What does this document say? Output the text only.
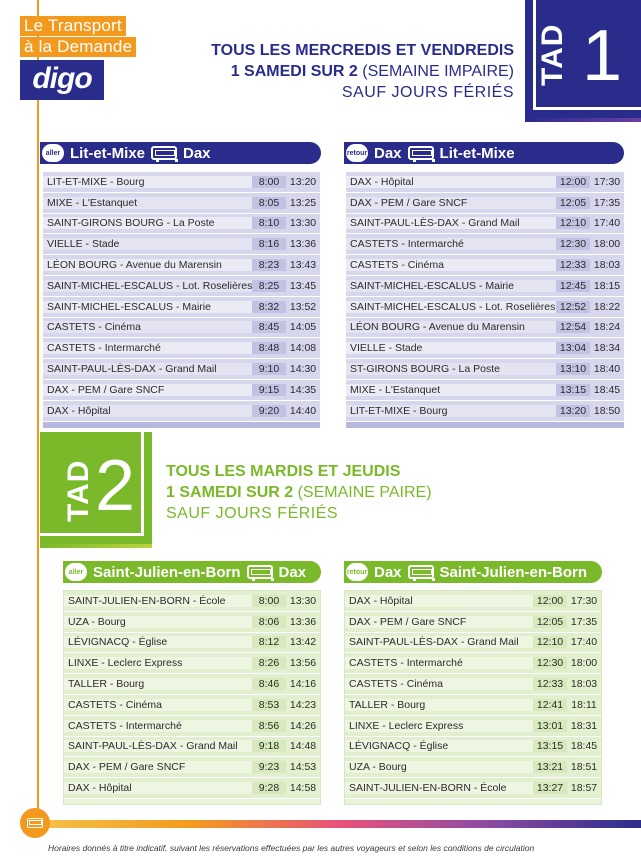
Le Transport
à la Demande
digo	TAD 1
TOUS LES MERCREDIS ET VENDREDIS
1 SAMEDI SUR 2 (SEMAINE IMPAIRE)
SAUF JOURS FÉRIÉS
aller Lit-et-Mixe	Dax	retour Dax	Lit-et-Mixe
LIT-ET-MIXE - Bourg	8:00	13:20
MIXE - L'Estanquet	8:05	13:25
SAINT-GIRONS BOURG - La Poste	8:10	13:30
VIELLE - Stade	8:16	13:36
LÉON BOURG - Avenue du Marensin	8:23	13:43
SAINT-MICHEL-ESCALUS - Lot. Roselières 8:25	13:45
SAINT-MICHEL-ESCALUS - Mairie	8:32	13:52
CASTETS - Cinéma	8:45	14:05
CASTETS - Intermarché	8:48	14:08
SAINT-PAUL-LÈS-DAX - Grand Mail	9:10	14:30
DAX - PEM / Gare SNCF	9:15	14:35
DAX - Hôpital	9:20	14:40
DAX - Hôpital	12:00 17:30
DAX - PEM / Gare SNCF	12:05 17:35
SAINT-PAUL-LÈS-DAX - Grand Mail	12:10 17:40
CASTETS - Intermarché	12:30 18:00
CASTETS - Cinéma	12:33 18:03
SAINT-MICHEL-ESCALUS - Mairie	12:45 18:15
SAINT-MICHEL-ESCALUS - Lot. Roselières 12:52 18:22
LÉON BOURG - Avenue du Marensin	12:54 18:24
VIELLE - Stade	13:04 18:34
ST-GIRONS BOURG - La Poste	13:10 18:40
MIXE - L'Estanquet	13:15 18:45
LIT-ET-MIXE - Bourg	13:20 18:50
TAD 2 TOUS LES MARDIS ET JEUDIS
1 SAMEDI SUR 2 (SEMAINE PAIRE)
SAUF JOURS FÉRIÉS
aller Saint-Julien-en-Born	Dax	retour Dax	Saint-Julien-en-Born
SAINT-JULIEN-EN-BORN - École	8:00	13:30
UZA - Bourg	8:06	13:36
LÉVIGNACQ - Église	8:12	13:42
LINXE - Leclerc Express	8:26	13:56
TALLER - Bourg	8:46	14:16
CASTETS - Cinéma	8:53	14:23
CASTETS - Intermarché	8:56	14:26
SAINT-PAUL-LÈS-DAX - Grand Mail	9:18	14:48
DAX - PEM / Gare SNCF	9:23	14:53
DAX - Hôpital	9:28	14:58
DAX - Hôpital	12:00 17:30
DAX - PEM / Gare SNCF	12:05 17:35
SAINT-PAUL-LÈS-DAX - Grand Mail	12:10 17:40
CASTETS - Intermarché	12:30 18:00
CASTETS - Cinéma	12:33 18:03
TALLER - Bourg	12:41 18:11
LINXE - Leclerc Express	13:01 18:31
LÉVIGNACQ - Église	13:15 18:45
UZA - Bourg	13:21 18:51
SAINT-JULIEN-EN-BORN - École	13:27 18:57
Horaires donnés à titre indicatif, suivant les réservations effectuées par les autres voyageurs et selon les conditions de circulation
